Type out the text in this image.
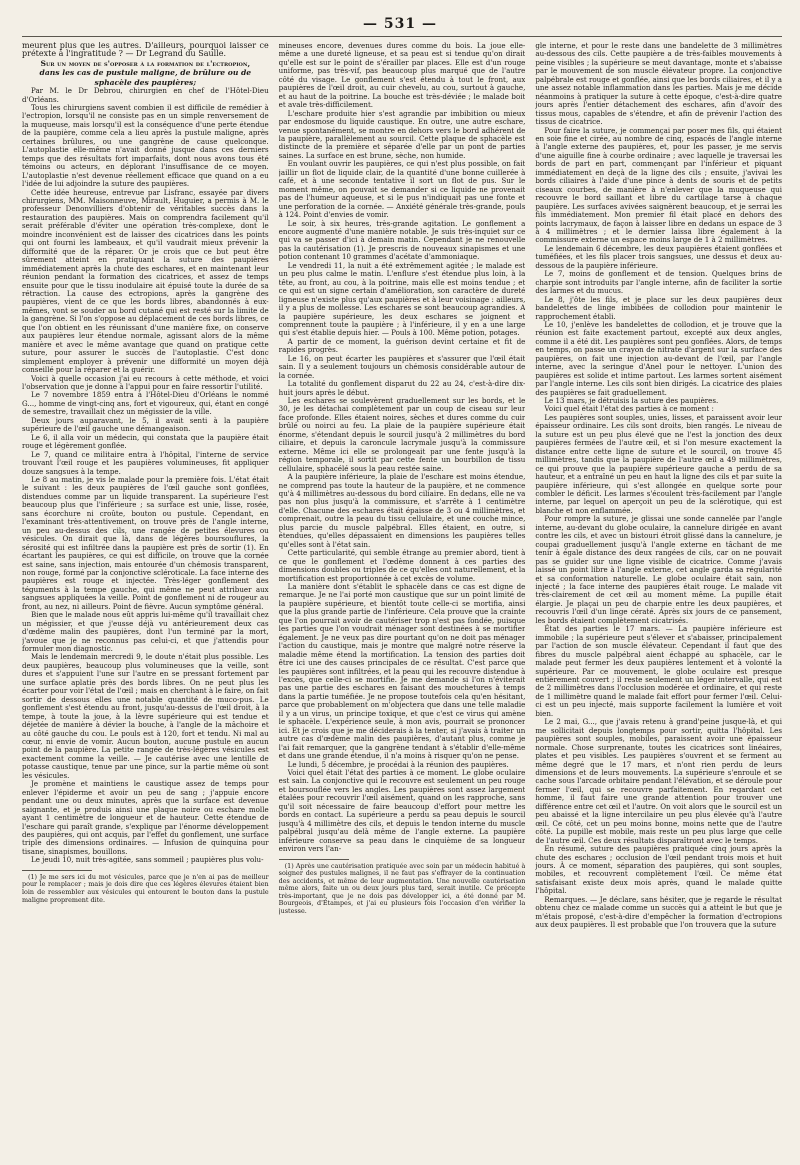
— 531 —

meurent plus que les autres. D'ailleurs, pourquoi laisser ce prétexte à l'ingratitude ? — Dr Legrand du Saulle.

Sur un moyen de s'opposer à la formation de l'ectropion,
dans les cas de pustule maligne, de brûlure ou de sphacèle des paupières;

Par M. le Dr Debrou, chirurgien en chef de l'Hôtel-Dieu d'Orléans.

Tous les chirurgiens savent combien il est difficile de remédier à l'ectropion, lorsqu'il ne consiste pas en un simple renversement de la muqueuse, mais lorsqu'il est la conséquence d'une perte étendue de la paupière, comme cela a lieu après la pustule maligne, après certaines brûlures, ou une gangrène de cause quelconque. L'autoplastie elle-même n'avait donné jusque dans ces derniers temps que des résultats fort imparfaits, dont nous avons tous été témoins ou acteurs, en déplorant l'insuffisance de ce moyen. L'autoplastie n'est devenue réellement efficace que quand on a eu l'idée de lui adjoindre la suture des paupières.

Cette idée heureuse, entrevue par Lisfranc, essayée par divers chirurgiens, MM. Maisonneuve, Mirault, Huguier, a permis à M. le professeur Denonvilliers d'obtenir de véritables succès dans la restauration des paupières. Mais on comprendra facilement qu'il serait préférable d'éviter une opération très-complexe, dont le moindre inconvénient est de laisser des cicatrices dans les points qui ont fourni les lambeaux, et qu'il vaudrait mieux prévenir la difformité que de la réparer. Or je crois que ce but peut être sûrement atteint en pratiquant la suture des paupières immédiatement après la chute des eschares, et en maintenant leur réunion pendant la formation des cicatrices, et assez de temps ensuite pour que le tissu inodulaire ait épuisé toute la durée de sa rétraction. La cause des ectropions, après la gangrène des paupières, vient de ce que les bords libres, abandonnés à eux-mêmes, vont se souder au bord cutané qui est resté sur la limite de la gangrène. Si l'on s'oppose au déplacement de ces bords libres, ce que l'on obtient en les réunissant d'une manière fixe, on conserve aux paupières leur étendue normale, agissant alors de la même manière et avec le même avantage que quand on pratique cette suture, pour assurer le succès de l'autoplastie. C'est donc simplement employer à prévenir une difformité un moyen déjà conseillé pour la réparer et la guérir.

Voici à quelle occasion j'ai eu recours à cette méthode, et voici l'observation que je donne à l'appui pour en faire ressortir l'utilité.

Le 7 novembre 1859 entra à l'Hôtel-Dieu d'Orléans le nommé G..., homme de vingt-cinq ans, fort et vigoureux, qui, étant en congé de semestre, travaillait chez un mégissier de la ville.

Deux jours auparavant, le 5, il avait senti à la paupière supérieure de l'œil gauche une démangeaison.

Le 6, il alla voir un médecin, qui constata que la paupière était rouge et légèrement gonflée.

Le 7, quand ce militaire entra à l'hôpital, l'interne de service trouvant l'œil rouge et les paupières volumineuses, fit appliquer douze sangsues à la tempe.

Le 8 au matin, je vis le malade pour la première fois. L'état était le suivant : les deux paupières de l'œil gauche sont gonflées, distendues comme par un liquide transparent. La supérieure l'est beaucoup plus que l'inférieure ; sa surface est unie, lisse, rosée, sans écorchure ni croûte, bouton ou pustule. Cependant, en l'examinant très-attentivement, on trouve près de l'angle interne, un peu au-dessus des cils, une rangée de petites élevures ou vésicules. On dirait que là, dans de légères boursouflures, la sérosité qui est infiltrée dans la paupière est près de sortir (1). En écartant les paupières, ce qui est difficile, on trouve que la cornée est saine, sans injection, mais entourée d'un chémosis transparent, non rouge, formé par la conjonctive scléroticale. La face interne des paupières est rouge et injectée. Très-léger gonflement des téguments à la tempe gauche, qui même ne peut attribuer aux sangsues appliquées la veille. Point de gonflement ni de rougeur au front, au nez, ni ailleurs. Point de fièvre. Aucun symptôme général.

Bien que le malade nous eût appris lui-même qu'il travaillait chez un mégissier, et que j'eusse déjà vu antérieurement deux cas d'œdème malin des paupières, dont l'un terminé par la mort, j'avoue que je ne reconnus pas celui-ci, et que j'attendis pour formuler mon diagnostic.

Mais le lendemain mercredi 9, le doute n'était plus possible. Les deux paupières, beaucoup plus volumineuses que la veille, sont dures et s'appuient l'une sur l'autre en se pressant fortement par une surface aplatie près des bords libres. On ne peut plus les écarter pour voir l'état de l'œil ; mais en cherchant à le faire, on fait sortir de dessous elles une notable quantité de muco-pus. Le gonflement s'est étendu au front, jusqu'au-dessus de l'œil droit, à la tempe, à toute la joue, à la lèvre supérieure qui est tendue et déjetée de manière à dévier la bouche, à l'angle de la mâchoire et au côté gauche du cou. Le pouls est à 120, fort et tendu. Ni mal au cœur, ni envie de vomir. Aucun bouton, aucune pustule en aucun point de la paupière. La petite rangée de très-légères vésicules est exactement comme la veille. — Je cautérise avec une lentille de potasse caustique, tenue par une pince, sur la partie même où sont les vésicules.

Je promène et maintiens le caustique assez de temps pour enlever l'épiderme et avoir un peu de sang ; j'appuie encore pendant une ou deux minutes, après que la surface est devenue saignante, et je produis ainsi une plaque noire ou eschare molle ayant 1 centimètre de longueur et de hauteur. Cette étendue de l'eschare qui paraît grande, s'explique par l'énorme développement des paupières, qui ont acquis, par l'effet du gonflement, une surface triple des dimensions ordinaires. — Infusion de quinquina pour tisane, sinapismes, bouillons.

Le jeudi 10, nuit très-agitée, sans sommeil ; paupières plus volu-

(1) Je me sers ici du mot vésicules, parce que je n'en ai pas de meilleur pour le remplacer ; mais je dois dire que ces légères élevures étaient bien loin de ressembler aux vésicules qui entourent le bouton dans la pustule maligne proprement dite.

mineuses encore, devenues dures comme du bois. La joue elle-même a une dureté ligneuse, et sa peau est si tendue qu'on dirait qu'elle est sur le point de s'érailler par places. Elle est d'un rouge uniforme, pas très-vif, pas beaucoup plus marqué que de l'autre côté du visage. Le gonflement s'est étendu à tout le front, aux paupières de l'œil droit, au cuir chevelu, au cou, surtout à gauche, et au haut de la poitrine. La bouche est très-déviée ; le malade boit et avale très-difficilement.

L'eschare produite hier s'est agrandie par imbibition ou mieux par endosmose du liquide caustique. En outre, une autre eschare, venue spontanément, se montre en dehors vers le bord adhérent de la paupière, parallèlement au sourcil. Cette plaque de sphacèle est distincte de la première et séparée d'elle par un pont de parties saines. La surface en est brune, sèche, non humide.

En voulant ouvrir les paupières, ce qui n'est plus possible, on fait jaillir un flot de liquide clair, de la quantité d'une bonne cuillerée à café, et à une seconde tentative il sort un flot de pus. Sur le moment même, on pouvait se demander si ce liquide ne provenait pas de l'humeur aqueuse, et si le pus n'indiquait pas une fonte et une perforation de la cornée. — Anxiété générale très-grande, pouls à 124. Point d'envies de vomir.

Le soir, à six heures, très-grande agitation. Le gonflement a encore augmenté d'une manière notable. Je suis très-inquiet sur ce qui va se passer d'ici à demain matin. Cependant je ne renouvelle pas la cautérisation (1). Je prescris de nouveaux sinapismes et une potion contenant 10 grammes d'acétate d'ammoniaque.

Le vendredi 11, la nuit a été extrêmement agitée ; le malade est un peu plus calme le matin. L'enflure s'est étendue plus loin, à la tête, au front, au cou, à la poitrine, mais elle est moins tendue ; et ce qui est un signe certain d'amélioration, son caractère de dureté ligneuse n'existe plus qu'aux paupières et à leur voisinage : ailleurs, il y a plus de mollesse. Les eschares se sont beaucoup agrandies. A la paupière supérieure, les deux eschares se joignent et comprennent toute la paupière ; à l'inférieure, il y en a une large qui s'est établie depuis hier. — Pouls à 100. Même potion, potages.

A partir de ce moment, la guérison devint certaine et fit de rapides progrès.

Le 16, on peut écarter les paupières et s'assurer que l'œil était sain. Il y a seulement toujours un chémosis considérable autour de la cornée.

La totalité du gonflement disparut du 22 au 24, c'est-à-dire dix-huit jours après le début.

Les eschares se soulevèrent graduellement sur les bords, et le 30, je les détachai complètement par un coup de ciseau sur leur face profonde. Elles étaient noires, sèches et dures comme du cuir brûlé ou noirci au feu. La plaie de la paupière supérieure était énorme, s'étendant depuis le sourcil jusqu'à 2 millimètres du bord ciliaire, et depuis la caroncule lacrymale jusqu'à la commissure externe. Même ici elle se prolongeait par une fente jusqu'à la région temporale, il sortit par cette fente un bourbillon de tissu cellulaire, sphacélé sous la peau restée saine.

A la paupière inférieure, la plaie de l'eschare est moins étendue, ne comprend pas toute la hauteur de la paupière, et ne commence qu'à 4 millimètres au-dessous du bord ciliaire. En dedans, elle ne va pas non plus jusqu'à la commissure, et s'arrête à 1 centimètre d'elle. Chacune des eschares était épaisse de 3 ou 4 millimètres, et comprenait, outre la peau du tissu cellulaire, et une couche mince, plus parcie du muscle palpébral. Elles étaient, en outre, si étendues, qu'elles dépassaient en dimensions les paupières telles qu'elles sont à l'état sain.

Cette particularité, qui semble étrange au premier abord, tient à ce que le gonflement et l'œdème donnent à ces parties des dimensions doubles ou triples de ce qu'elles ont naturellement, et la mortification est proportionnée à cet excès de volume.

La manière dont s'établit le sphacèle dans ce cas est digne de remarque. Je ne l'ai porté mon caustique que sur un point limité de la paupière supérieure, et bientôt toute celle-ci se mortifia, ainsi que la plus grande partie de l'inférieure. Cela prouve que la crainte que l'on pourrait avoir de cautériser trop n'est pas fondée, puisque les parties que l'on voudrait ménager sont destinées à se mortifier également. Je ne veux pas dire pourtant qu'on ne doit pas ménager l'action du caustique, mais je montre que malgré notre réserve la maladie même étend la mortification. La tension des parties doit être ici une des causes principales de ce résultat. C'est parce que les paupières sont infiltrées, et la peau qui les recouvre distendue à l'excès, que celle-ci se mortifie. Je me demande si l'on n'éviterait pas une partie des eschares en faisant des mouchetures à temps dans la partie tuméfiée. Je ne propose toutefois cela qu'en hésitant, parce que probablement on m'objectera que dans une telle maladie il y a un virus, un principe toxique, et que c'est ce virus qui amène le sphacèle. L'expérience seule, à mon avis, pourrait se prononcer ici. Et je crois que je me déciderais à la tenter, si j'avais à traiter un autre cas d'œdème malin des paupières, d'autant plus, comme je l'ai fait remarquer, que la gangrène tendant à s'établir d'elle-même et dans une grande étendue, il n'a moins à risquer qu'on ne pense.

Le lundi, 5 décembre, je procédai à la réunion des paupières.

Voici quel était l'état des parties à ce moment. Le globe oculaire est sain. La conjonctive qui le recouvre est seulement un peu rouge et boursouflée vers les angles. Les paupières sont assez largement étalées pour recouvrir l'œil aisément, quand on les rapproche, sans qu'il soit nécessaire de faire beaucoup d'effort pour mettre les bords en contact. La supérieure a perdu sa peau depuis le sourcil jusqu'à 4 millimètre des cils, et depuis le tendon interne du muscle palpébral jusqu'au delà même de l'angle externe. La paupière inférieure conserve sa peau dans le cinquième de sa longueur environ vers l'an-

(1) Après une cautérisation pratiquée avec soin par un médecin habitué à soigner des pustules malignes, il ne faut pas s'effrayer de la continuation des accidents, et même de leur augmentation. Une nouvelle cautérisation même alors, faite un ou deux jours plus tard, serait inutile. Ce précepte très-important, que je ne dois pas développer ici, a été donné par M. Bourgeois, d'Étampes, et j'ai eu plusieurs fois l'occasion d'en vérifier la justesse.

gle interne, et pour le reste dans une bandelette de 3 millimètres au-dessous des cils. Cette paupière a de très-faibles mouvements à peine visibles ; la supérieure se meut davantage, monte et s'abaisse par le mouvement de son muscle élévateur propre. La conjonctive palpébrale est rouge et gonflée, ainsi que les bords ciliaires, et il y a une assez notable inflammation dans les parties. Mais je me décide néanmoins à pratiquer la suture à cette époque, c'est-à-dire quatre jours après l'entier détachement des eschares, afin d'avoir des tissus mous, capables de s'étendre, et afin de prévenir l'action des tissus de cicatrice.

Pour faire la suture, je commençai par poser mes fils, qui étaient en soie fine et cirée, au nombre de cinq, espacés de l'angle interne à l'angle externe des paupières, et, pour les passer, je me servis d'une aiguille fine à courbe ordinaire ; avec laquelle je traversai les bords de part en part, commençant par l'inférieur et piquant immédiatement en deçà de la ligne des cils ; ensuite, j'avivai les bords ciliaires à l'aide d'une pince à dents de souris et de petits ciseaux courbes, de manière à n'enlever que la muqueuse qui recouvre le bord saillant et libre du cartilage tarse à chaque paupière. Les surfaces avivées saignèrent beaucoup, et je serrai les fils immédiatement. Mon premier fil était placé en dehors des points lacrymaux, de façon à laisser libre en dedans un espace de 3 à 4 millimètres ; et le dernier laissa libre également à la commissure externe un espace moins large de 1 à 2 millimètres.

Le lendemain 6 décembre, les deux paupières étaient gonflées et tuméfiées, et les fils placer trois sangsues, une dessus et deux au-dessous de la paupière inférieure.

Le 7, moins de gonflement et de tension. Quelques brins de charpie sont introduits par l'angle interne, afin de faciliter la sortie des larmes et du mucus.

Le 8, j'ôte les fils, et je place sur les deux paupières deux bandelettes de linge imbibées de collodion pour maintenir le rapprochement établi.

Le 10, j'enlève les bandelettes de collodion, et je trouve que la réunion est faite exactement partout, excepté aux deux angles, comme il a été dit. Les paupières sont peu gonflées. Alors, de temps en temps, on passe un crayon de nitrate d'argent sur la surface des paupières, on fait une injection au-devant de l'œil, par l'angle interne, avec la seringue d'Anel pour le nettoyer. L'union des paupières est solide et intime partout. Les larmes sortent aisément par l'angle interne. Les cils sont bien dirigés. La cicatrice des plaies des paupières se fait graduellement.

Le 13 mars, je détruisis la suture des paupières.

Voici quel était l'état des parties à ce moment :

Les paupières sont souples, unies, lisses, et paraissent avoir leur épaisseur ordinaire. Les cils sont droits, bien rangés. Le niveau de la suture est un peu plus élevé que ne l'est la jonction des deux paupières fermées de l'autre œil, et si l'on mesure exactement la distance entre cette ligne de suture et le sourcil, on trouve 45 millimètres, tandis que la paupière de l'autre œil a 49 millimètres, ce qui prouve que la paupière supérieure gauche a perdu de sa hauteur, et a entraîné un peu en haut la ligne des cils et par suite la paupière inférieure, qui s'est allongée en quelque sorte pour combler le déficit. Les larmes s'écoulent très-facilement par l'angle interne, par lequel on aperçoit un peu de la sclérotique, qui est blanche et non enflammée.

Pour rompre la suture, je glissai une sonde cannelée par l'angle interne, au-devant du globe oculaire, la cannelure dirigée en avant contre les cils, et avec un bistouri étroit glissé dans la cannelure, je coupai graduellement jusqu'à l'angle externe en tâchant de me tenir à égale distance des deux rangées de cils, car on ne pouvait pas se guider sur une ligne visible de cicatrice. Comme j'avais laissé un point libre à l'angle externe, cet angle garda sa régularité et sa conformation naturelle. Le globe oculaire était sain, non injecté ; la face interne des paupières était rouge. Le malade vit très-clairement de cet œil au moment même. La pupille était élargie. Je plaçai un peu de charpie entre les deux paupières, et recouvris l'œil d'un linge cératé. Après six jours de ce pansement, les bords étaient complètement cicatrisés.

État des parties le 17 mars. — La paupière inférieure est immobile ; la supérieure peut s'élever et s'abaisser, principalement par l'action de son muscle élévateur. Cependant il faut que des fibres du muscle palpébral aient échappé au sphacèle, car le malade peut fermer les deux paupières lentement et à volonté la supérieure. Par ce mouvement, le globe oculaire est presque entièrement couvert ; il reste seulement un léger intervalle, qui est de 2 millimètres dans l'occlusion modérée et ordinaire, et qui reste de 1 millimètre quand le malade fait effort pour fermer l'œil. Celui-ci est un peu injecté, mais supporte facilement la lumière et voit bien.

Le 2 mai, G..., que j'avais retenu à grand'peine jusque-là, et qui me sollicitait depuis longtemps pour sortir, quitta l'hôpital. Les paupières sont souples, mobiles, paraissent avoir une épaisseur normale. Chose surprenante, toutes les cicatrices sont linéaires, plates et peu visibles. Les paupières s'ouvrent et se ferment au même degré que le 17 mars, et n'ont rien perdu de leurs dimensions et de leurs mouvements. La supérieure s'enroule et se cache sous l'arcade orbitaire pendant l'élévation, et se déroule pour fermer l'œil, qui se recouvre parfaitement. En regardant cet homme, il faut faire une grande attention pour trouver une différence entre cet œil et l'autre. On voit alors que le sourcil est un peu abaissé et la ligne intercilaire un peu plus élevée qu'à l'autre œil. Ce côté, cet un peu moins bonne, moins nette que de l'autre côté. La pupille est mobile, mais reste un peu plus large que celle de l'autre œil. Ces deux résultats disparaîtront avec le temps.

En résumé, suture des paupières pratiquée cinq jours après la chute des eschares ; occlusion de l'œil pendant trois mois et huit jours. À ce moment, séparation des paupières, qui sont souples, mobiles, et recouvrent complètement l'œil. Ce même état satisfaisant existe deux mois après, quand le malade quitte l'hôpital.

Remarques. — Je déclare, sans hésiter, que je regarde le résultat obtenu chez ce malade comme un succès qui a atteint le but que je m'étais proposé, c'est-à-dire d'empêcher la formation d'ectropions aux deux paupières. Il est probable que l'on trouvera que la suture
